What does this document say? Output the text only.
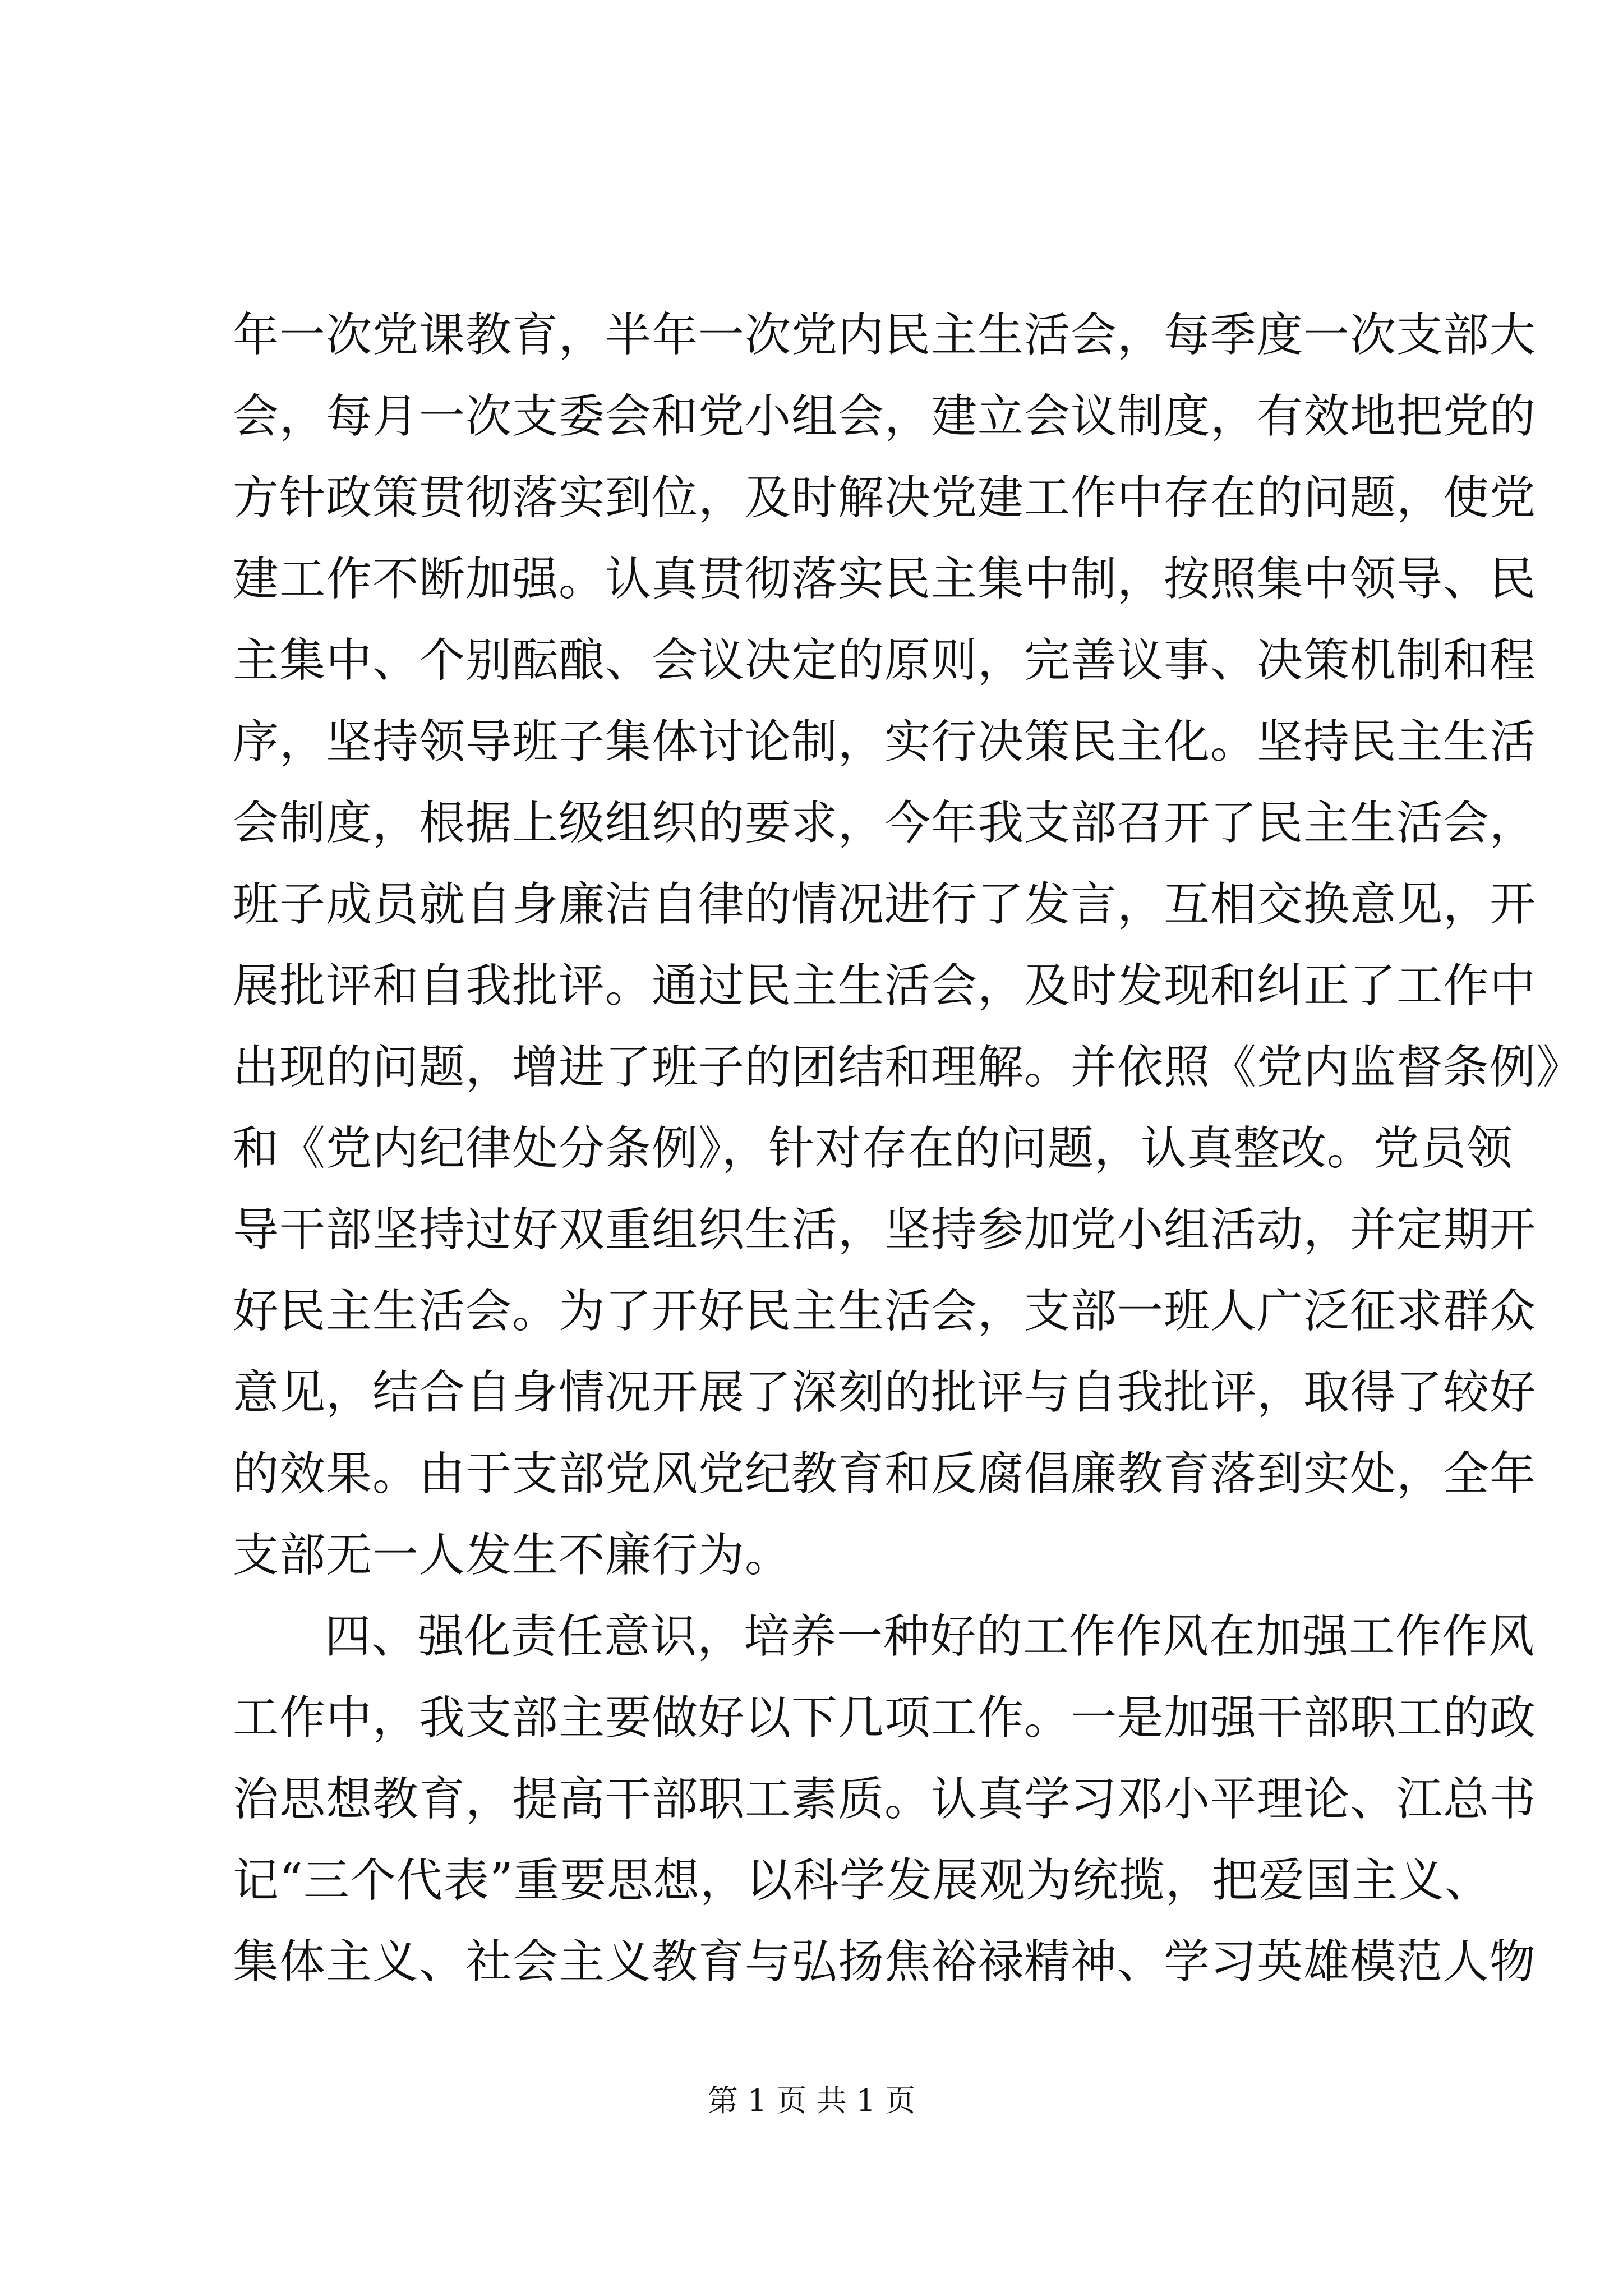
年一次党课教育，半年一次党内民主生活会，每季度一次支部大
会，每月一次支委会和党小组会，建立会议制度，有效地把党的
方针政策贯彻落实到位，及时解决党建工作中存在的问题，使党
建工作不断加强。认真贯彻落实民主集中制，按照集中领导、民
主集中、个别酝酿、会议决定的原则，完善议事、决策机制和程
序，坚持领导班子集体讨论制，实行决策民主化。坚持民主生活
会制度，根据上级组织的要求，今年我支部召开了民主生活会，
班子成员就自身廉洁自律的情况进行了发言，互相交换意见，开
展批评和自我批评。通过民主生活会，及时发现和纠正了工作中
出现的问题，增进了班子的团结和理解。并依照《党内监督条例》
和《党内纪律处分条例》，针对存在的问题，认真整改。党员领
导干部坚持过好双重组织生活，坚持参加党小组活动，并定期开
好民主生活会。为了开好民主生活会，支部一班人广泛征求群众
意见，结合自身情况开展了深刻的批评与自我批评，取得了较好
的效果。由于支部党风党纪教育和反腐倡廉教育落到实处，全年
支部无一人发生不廉行为。
四、强化责任意识，培养一种好的工作作风在加强工作作风
工作中，我支部主要做好以下几项工作。一是加强干部职工的政
治思想教育，提高干部职工素质。认真学习邓小平理论、江总书
记“三个代表”重要思想，以科学发展观为统揽，把爱国主义、
集体主义、社会主义教育与弘扬焦裕禄精神、学习英雄模范人物
第 1 页 共 1 页
